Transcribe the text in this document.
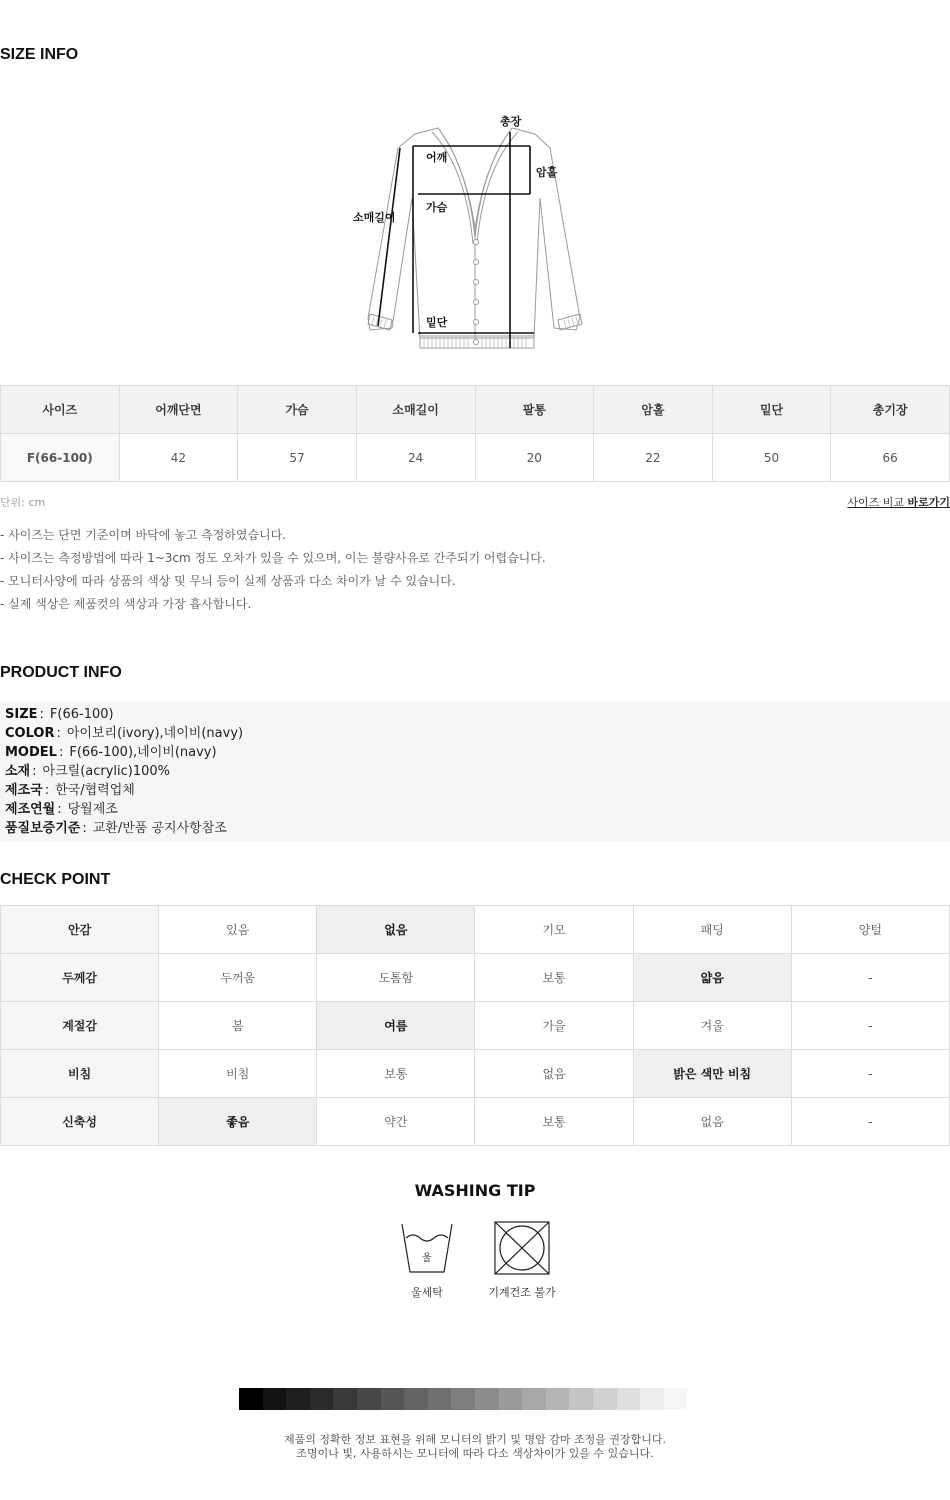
SIZE INFO
총장
어깨
암홀
소매길이
가슴
밑단
사이즈	어깨단면	가슴	소매길이	팔통	암홀	밑단	총기장
F(66-100)	42	57	24	20	22	50	66
단위: cm	사이즈 비교 바로가기
- 사이즈는 단면 기준이며 바닥에 놓고 측정하였습니다.
- 사이즈는 측정방법에 따라 1~3cm 정도 오차가 있을 수 있으며, 이는 불량사유로 간주되기 어렵습니다.
- 모니터사양에 따라 상품의 색상 및 무늬 등이 실제 상품과 다소 차이가 날 수 있습니다.
- 실제 색상은 제품컷의 색상과 가장 흡사합니다.
PRODUCT INFO
SIZE : F(66-100)
COLOR : 아이보리(ivory),네이비(navy)
MODEL : F(66-100),네이비(navy)
소재 : 아크릴(acrylic)100%
제조국 : 한국/협력업체
제조연월 : 당월제조
품질보증기준 : 교환/반품 공지사항참조
CHECK POINT
안감	있음	없음	기모	패딩	양털
두께감	두꺼움	도톰함	보통	얇음	-
계절감	봄	여름	가을	겨울	-
비침	비침	보통	없음	밝은 색만 비침	-
신축성	좋음	약간	보통	없음	-
WASHING TIP
울
울세탁	기계건조 불가
제품의 정확한 정보 표현을 위해 모니터의 밝기 및 명암 감마 조정을 권장합니다.
조명이나 빛, 사용하시는 모니터에 따라 다소 색상차이가 있을 수 있습니다.
